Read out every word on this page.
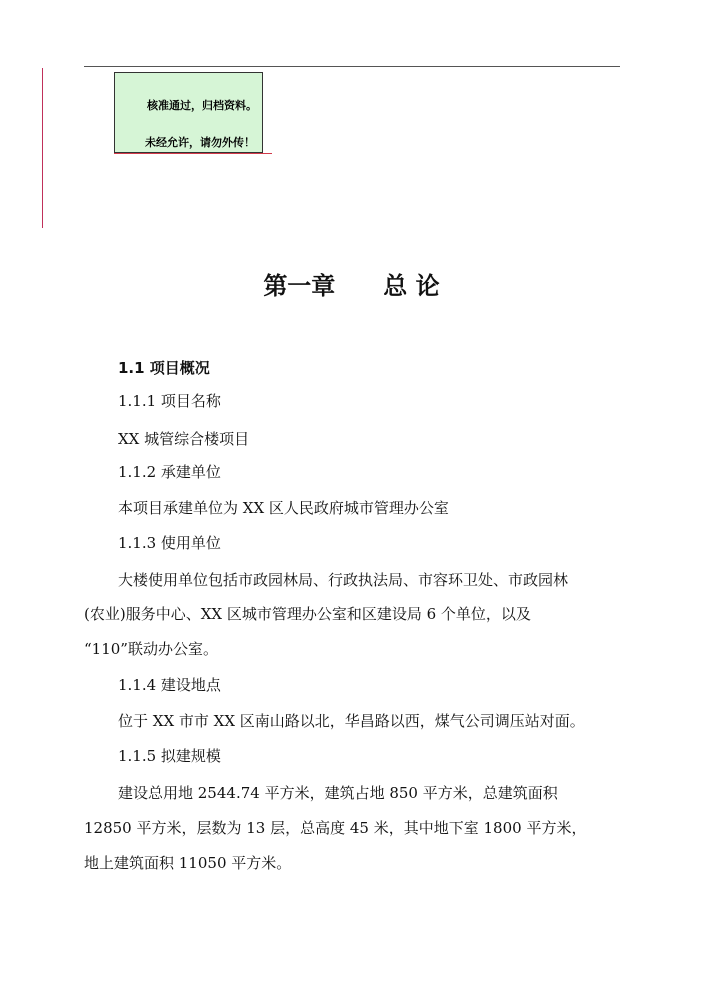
核准通过，归档资料。
未经允许，请勿外传！
第一章　　总 论
1.1 项目概况
1.1.1 项目名称
XX 城管综合楼项目
1.1.2 承建单位
本项目承建单位为 XX 区人民政府城市管理办公室
1.1.3 使用单位
大楼使用单位包括市政园林局、行政执法局、市容环卫处、市政园林
(农业)服务中心、XX 区城市管理办公室和区建设局 6 个单位，以及
“110”联动办公室。
1.1.4 建设地点
位于 XX 市市 XX 区南山路以北，华昌路以西，煤气公司调压站对面。
1.1.5 拟建规模
建设总用地 2544.74 平方米，建筑占地 850 平方米，总建筑面积
12850 平方米，层数为 13 层，总高度 45 米，其中地下室 1800 平方米，
地上建筑面积 11050 平方米。
